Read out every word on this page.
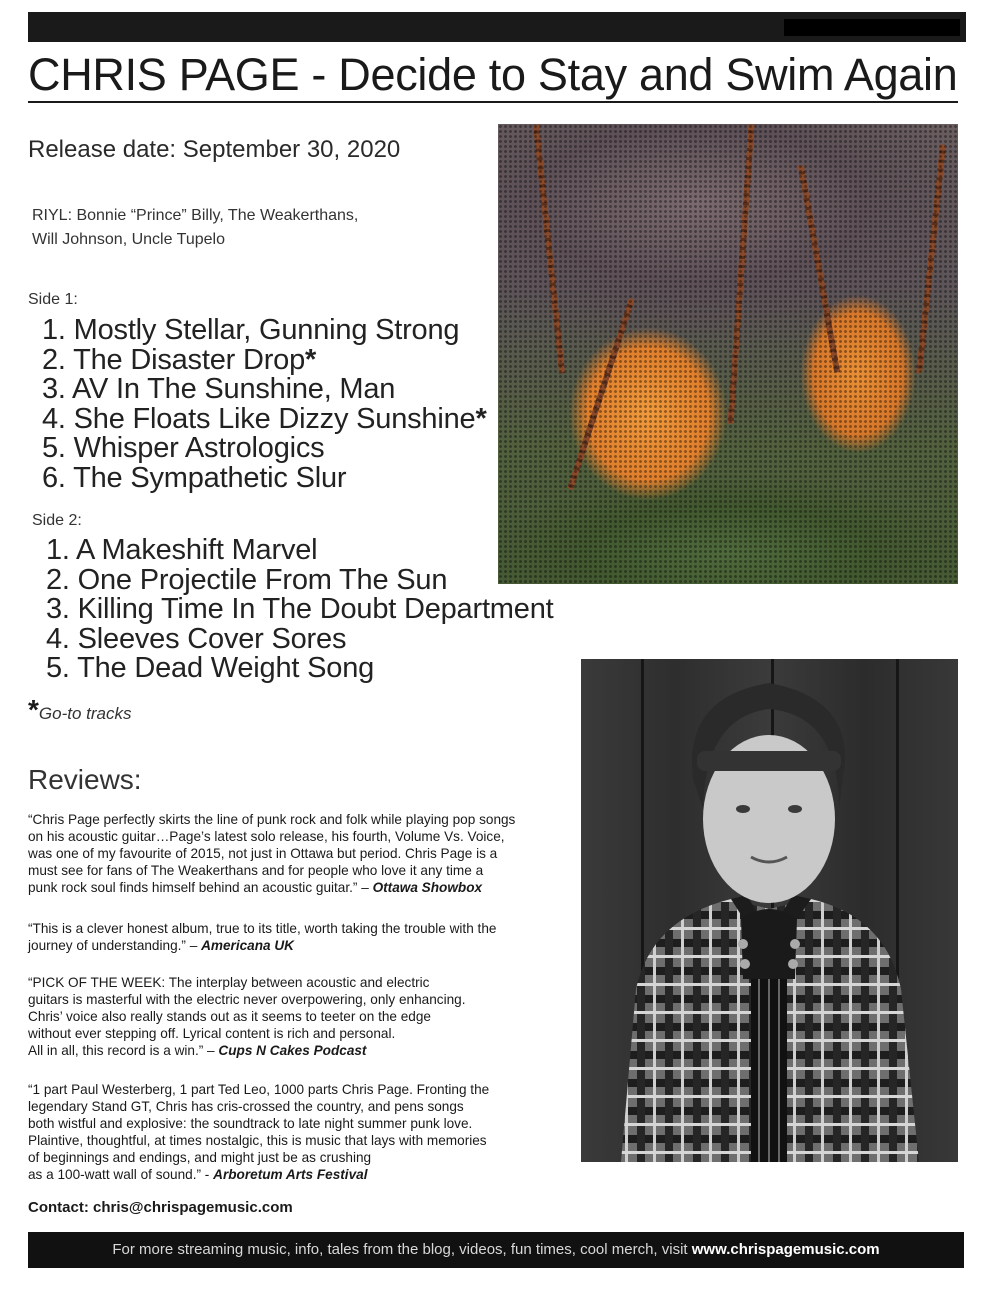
CHRIS PAGE - Decide to Stay and Swim Again
Release date: September 30, 2020
RIYL: Bonnie “Prince” Billy, The Weakerthans,
Will Johnson, Uncle Tupelo
Side 1:
1. Mostly Stellar, Gunning Strong
2. The Disaster Drop*
3. AV In The Sunshine, Man
4. She Floats Like Dizzy Sunshine*
5. Whisper Astrologics
6. The Sympathetic Slur
Side 2:
1. A Makeshift Marvel
2. One Projectile From The Sun
3. Killing Time In The Doubt Department
4. Sleeves Cover Sores
5. The Dead Weight Song
*Go-to tracks
Reviews:
“Chris Page perfectly skirts the line of punk rock and folk while playing pop songs
on his acoustic guitar…Page’s latest solo release, his fourth, Volume Vs. Voice,
was one of my favourite of 2015, not just in Ottawa but period. Chris Page is a
must see for fans of The Weakerthans and for people who love it any time a
punk rock soul finds himself behind an acoustic guitar.” – Ottawa Showbox
“This is a clever honest album, true to its title, worth taking the trouble with the
journey of understanding.” – Americana UK
“PICK OF THE WEEK: The interplay between acoustic and electric
guitars is masterful with the electric never overpowering, only enhancing.
Chris’ voice also really stands out as it seems to teeter on the edge
without ever stepping off. Lyrical content is rich and personal.
All in all, this record is a win.” – Cups N Cakes Podcast
“1 part Paul Westerberg, 1 part Ted Leo, 1000 parts Chris Page. Fronting the
legendary Stand GT, Chris has cris-crossed the country, and pens songs
both wistful and explosive: the soundtrack to late night summer punk love.
Plaintive, thoughtful, at times nostalgic, this is music that lays with memories
of beginnings and endings, and might just be as crushing
as a 100-watt wall of sound.” - Arboretum Arts Festival
Contact: chris@chrispagemusic.com
For more streaming music, info, tales from the blog, videos, fun times, cool merch, visit www.chrispagemusic.com
